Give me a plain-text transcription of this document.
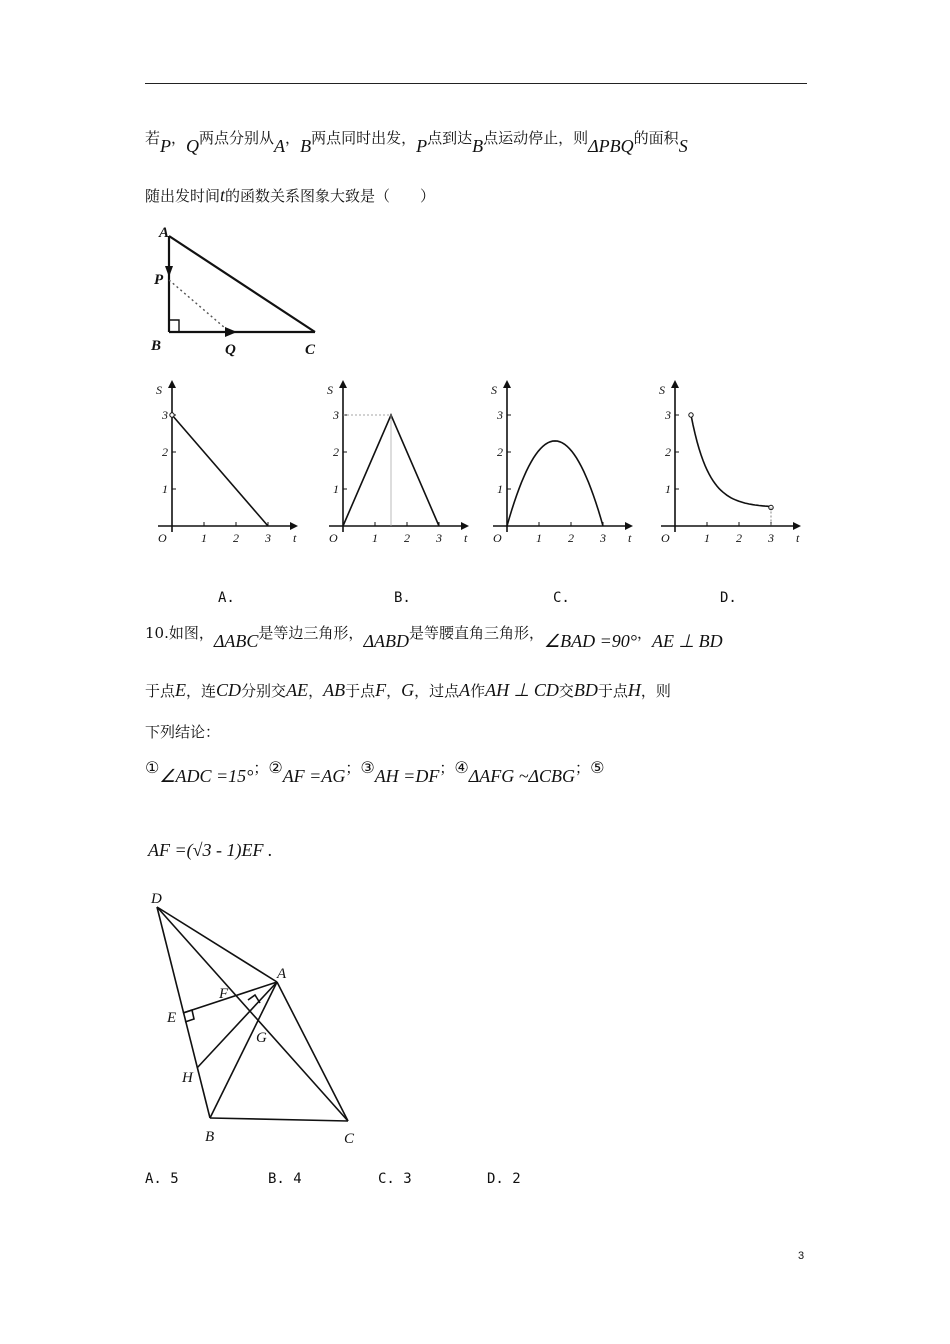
若P，Q两点分别从A，B两点同时出发，P点到达B点运动停止，则ΔPBQ的面积S
随出发时间t的函数关系图象大致是（　　）
A
P
B	Q	C
S
t
O	1 2 3
1
2
3
S
t
O	1 2 3
1
2
3
S
t
O	1 2 3
1
2
3
S
t
O	1 2 3
1
2
3
A.	B.	C.	D.
10.如图，ΔABC是等边三角形，ΔABD是等腰直角三角形，∠BAD =90°，AE ⊥ BD
于点E，连CD分别交AE，AB于点F，G，过点A作AH ⊥ CD交BD于点H，则
下列结论：
①∠ADC =15°；②AF =AG；③AH =DF；④ΔAFG ~ΔCBG；⑤
AF =(√3 - 1)EF .
D
A
E
F
G
H
B	C
A. 5	B. 4	C. 3	D. 2
3
